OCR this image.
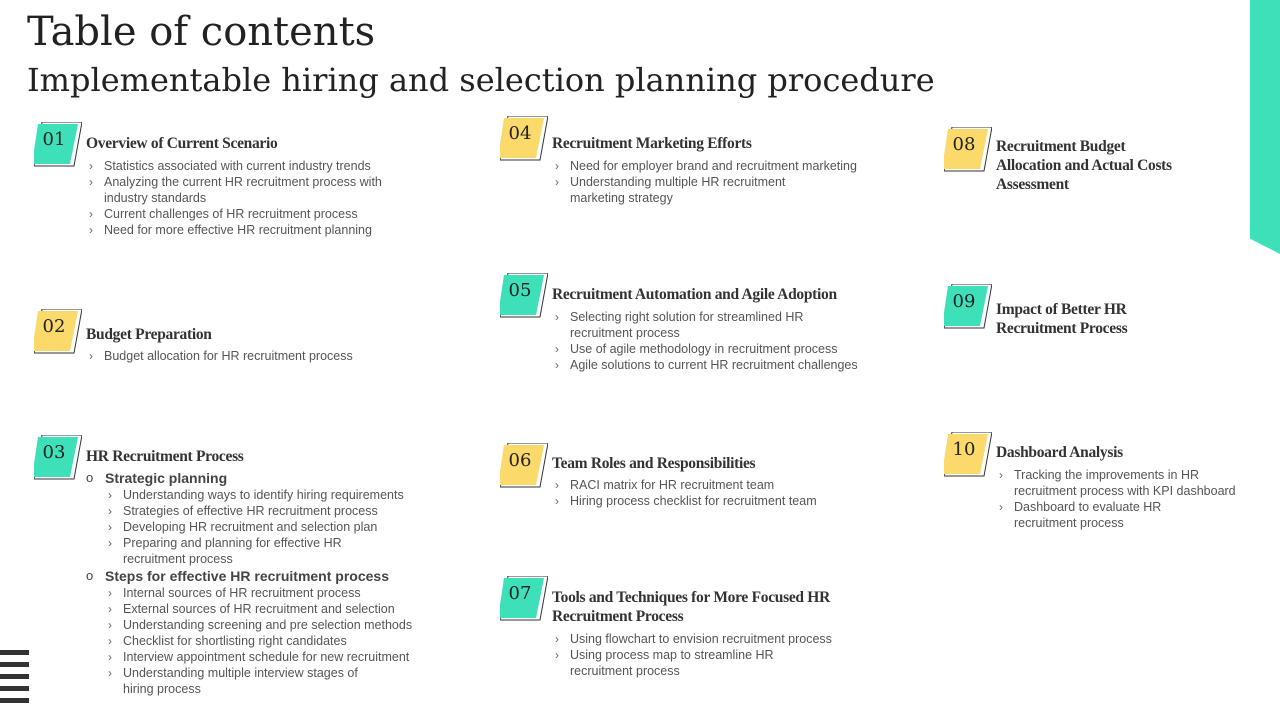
Table of contents
Implementable hiring and selection planning procedure
01	Overview of Current Scenario
› Statistics associated with current industry trends
› Analyzing the current HR recruitment process with industry standards
› Current challenges of HR recruitment process
› Need for more effective HR recruitment planning
02	Budget Preparation
› Budget allocation for HR recruitment process
03	HR Recruitment Process
o Strategic planning
› Understanding ways to identify hiring requirements
› Strategies of effective HR recruitment process
› Developing HR recruitment and selection plan
› Preparing and planning for effective HR recruitment process
o Steps for effective HR recruitment process
› Internal sources of HR recruitment process
› External sources of HR recruitment and selection
› Understanding screening and pre selection methods
› Checklist for shortlisting right candidates
› Interview appointment schedule for new recruitment
› Understanding multiple interview stages of hiring process
04	Recruitment Marketing Efforts
› Need for employer brand and recruitment marketing
› Understanding multiple HR recruitment marketing strategy
05	Recruitment Automation and Agile Adoption
› Selecting right solution for streamlined HR recruitment process
› Use of agile methodology in recruitment process
› Agile solutions to current HR recruitment challenges
06	Team Roles and Responsibilities
› RACI matrix for HR recruitment team
› Hiring process checklist for recruitment team
07	Tools and Techniques for More Focused HR Recruitment Process
› Using flowchart to envision recruitment process
› Using process map to streamline HR recruitment process
08	Recruitment Budget Allocation and Actual Costs Assessment
09	Impact of Better HR Recruitment Process
10	Dashboard Analysis
› Tracking the improvements in HR recruitment process with KPI dashboard
› Dashboard to evaluate HR recruitment process
